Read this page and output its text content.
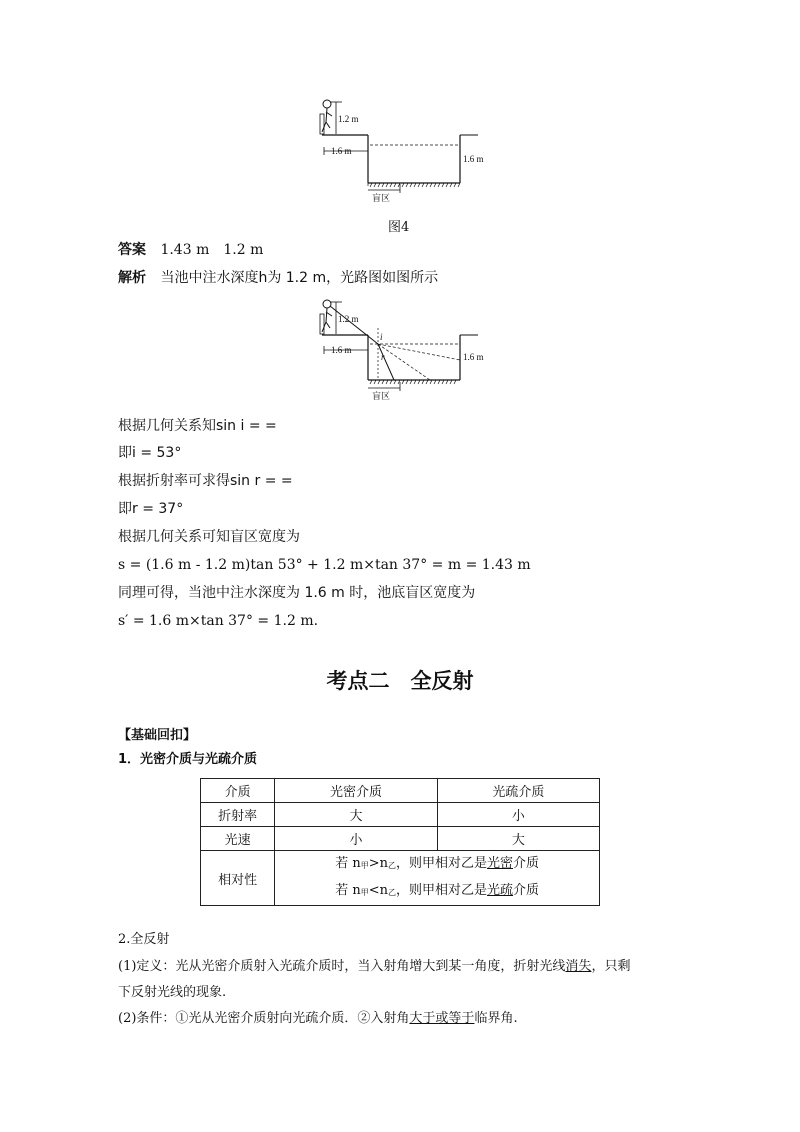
1.2 m
1.6 m
1.6 m
盲区
图4
答案 1.43 m　1.2 m
解析 当池中注水深度h为 1.2 m，光路图如图所示
1.2 m
i
r
1.6 m
1.6 m
盲区
根据几何关系知sin i = =
即i = 53°
根据折射率可求得sin r = =
即r = 37°
根据几何关系可知盲区宽度为
s = (1.6 m - 1.2 m)tan 53° + 1.2 m×tan 37° = m = 1.43 m
同理可得，当池中注水深度为 1.6 m 时，池底盲区宽度为
s′ = 1.6 m×tan 37° = 1.2 m.
考点二　全反射
【基础回扣】
1．光密介质与光疏介质
介质	光密介质	光疏介质
折射率	大	小
光速	小	大
相对性	若 n甲>n乙，则甲相对乙是光密介质
若 n甲<n乙，则甲相对乙是光疏介质	
2.全反射
(1)定义：光从光密介质射入光疏介质时，当入射角增大到某一角度，折射光线消失，只剩
下反射光线的现象.
(2)条件：①光从光密介质射向光疏介质．②入射角大于或等于临界角.
